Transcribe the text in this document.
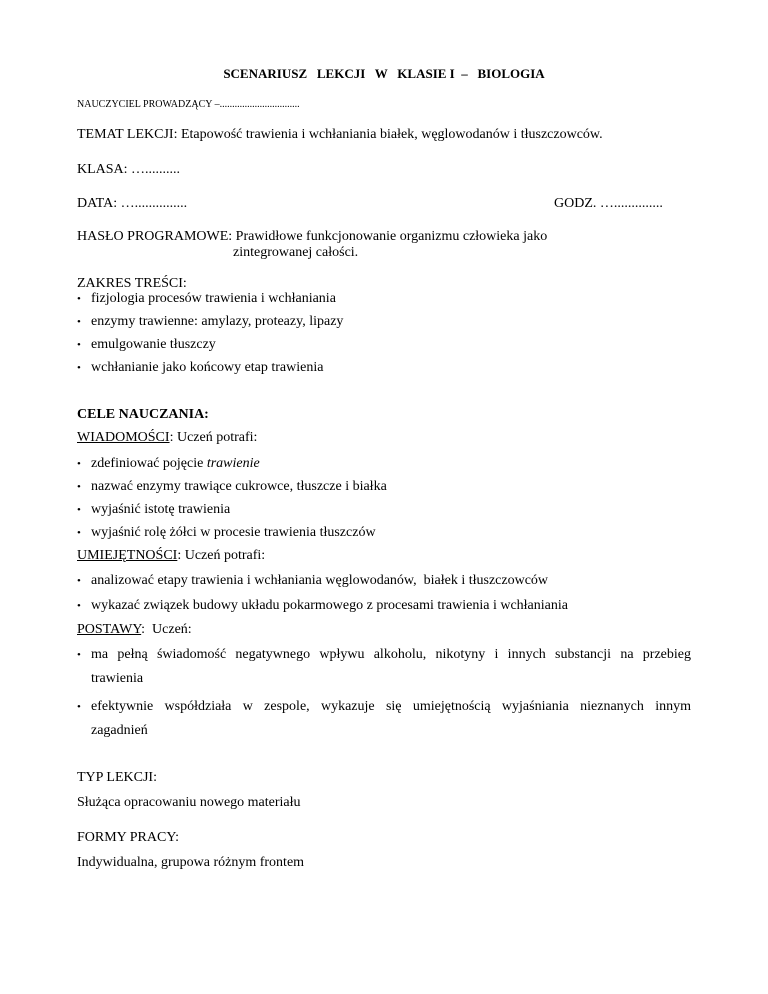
SCENARIUSZ   LEKCJI   W   KLASIE I  –   BIOLOGIA
NAUCZYCIEL PROWADZĄCY –................................
TEMAT LEKCJI: Etapowość trawienia i wchłaniania białek, węglowodanów i tłuszczowców.
KLASA: …..........
DATA: …...............	GODZ. …..............
HASŁO PROGRAMOWE: Prawidłowe funkcjonowanie organizmu człowieka jako
zintegrowanej całości.
ZAKRES TREŚCI:
• fizjologia procesów trawienia i wchłaniania
• enzymy trawienne: amylazy, proteazy, lipazy
• emulgowanie tłuszczy
• wchłanianie jako końcowy etap trawienia
CELE NAUCZANIA:
WIADOMOŚCI: Uczeń potrafi:
• zdefiniować pojęcie trawienie
• nazwać enzymy trawiące cukrowce, tłuszcze i białka
• wyjaśnić istotę trawienia
• wyjaśnić rolę żółci w procesie trawienia tłuszczów
UMIEJĘTNOŚCI: Uczeń potrafi:
• analizować etapy trawienia i wchłaniania węglowodanów,  białek i tłuszczowców
• wykazać związek budowy układu pokarmowego z procesami trawienia i wchłaniania
POSTAWY:  Uczeń:
• ma pełną świadomość negatywnego wpływu alkoholu, nikotyny i innych substancji na przebieg
trawienia
• efektywnie współdziała w zespole, wykazuje się umiejętnością wyjaśniania nieznanych innym
zagadnień
TYP LEKCJI:
Służąca opracowaniu nowego materiału
FORMY PRACY:
Indywidualna, grupowa różnym frontem
